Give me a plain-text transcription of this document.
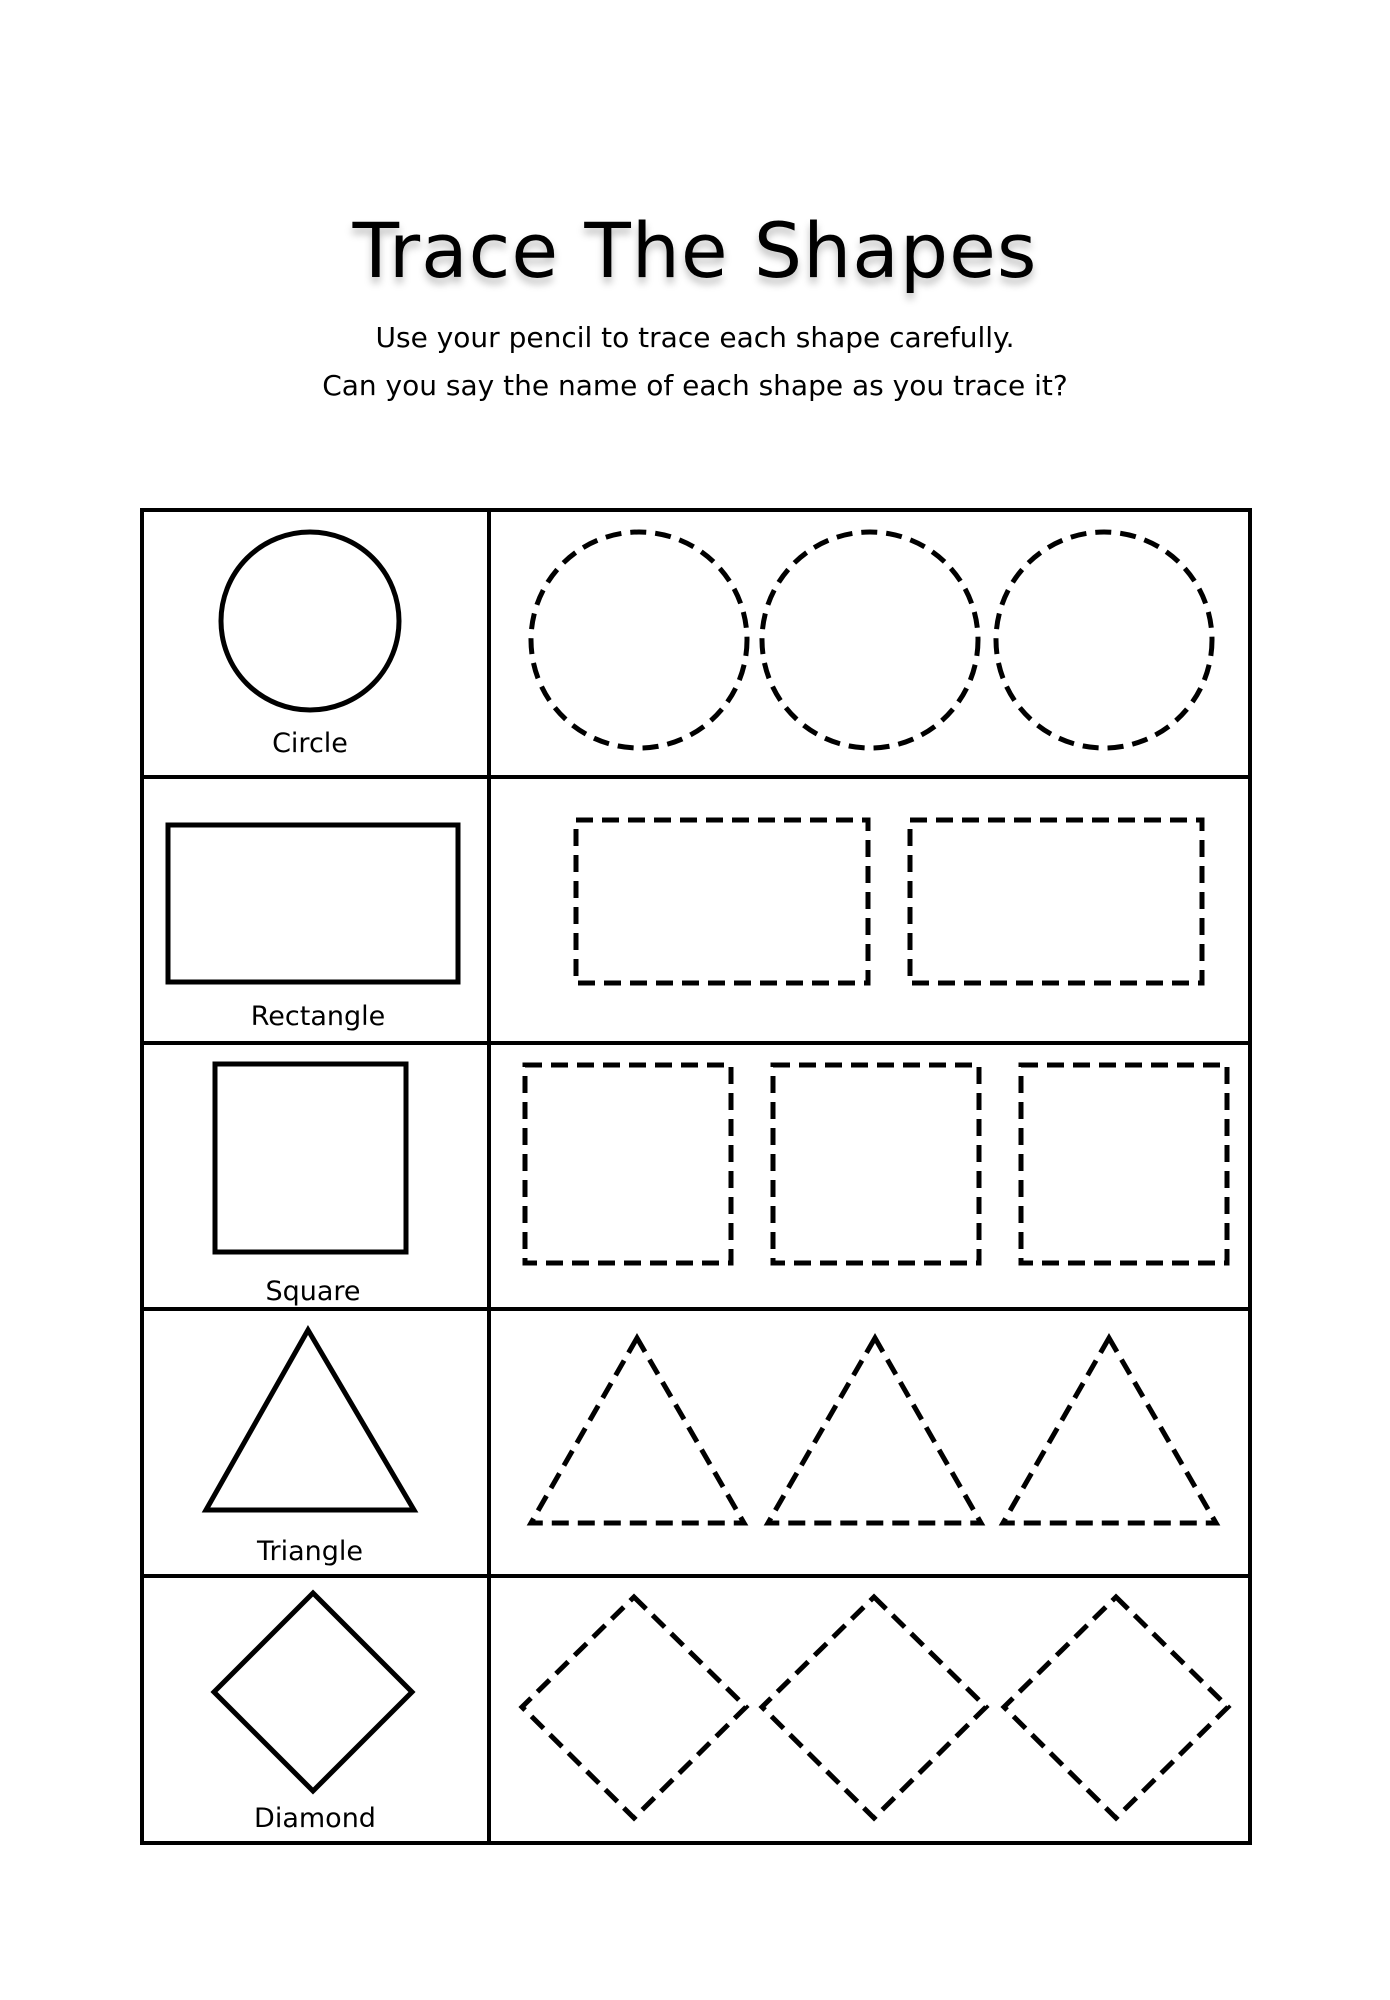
Trace The Shapes
Use your pencil to trace each shape carefully.
Can you say the name of each shape as you trace it?
Circle
Rectangle
Square
Triangle
Diamond
